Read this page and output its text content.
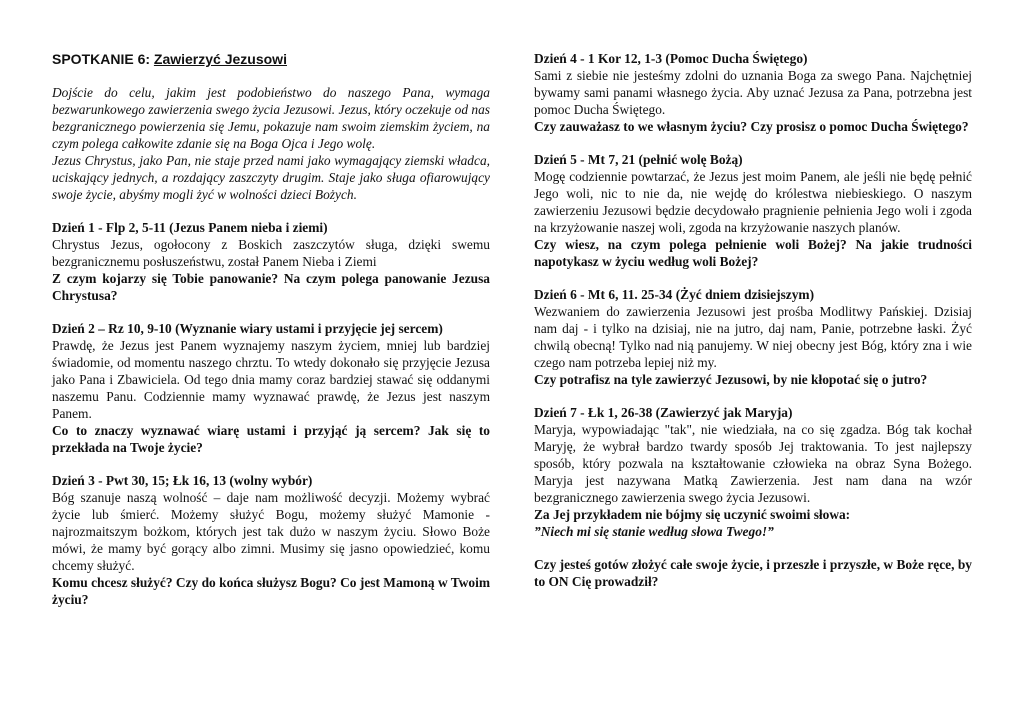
SPOTKANIE 6: Zawierzyć Jezusowi

Dojście do celu, jakim jest podobieństwo do naszego Pana, wymaga bezwarunkowego zawierzenia swego życia Jezusowi. Jezus, który oczekuje od nas bezgranicznego powierzenia się Jemu, pokazuje nam swoim ziemskim życiem, na czym polega całkowite zdanie się na Boga Ojca i Jego wolę.

Jezus Chrystus, jako Pan, nie staje przed nami jako wymagający ziemski władca, uciskający jednych, a rozdający zaszczyty drugim. Staje jako sługa ofiarowujący swoje życie, abyśmy mogli żyć w wolności dzieci Bożych.

Dzień 1 - Flp 2, 5-11 (Jezus Panem nieba i ziemi)

Chrystus Jezus, ogołocony z Boskich zaszczytów sługa, dzięki swemu bezgranicznemu posłuszeństwu, został Panem Nieba i Ziemi

Z czym kojarzy się Tobie panowanie? Na czym polega panowanie Jezusa Chrystusa?

Dzień 2 – Rz 10, 9-10 (Wyznanie wiary ustami i przyjęcie jej sercem)

Prawdę, że Jezus jest Panem wyznajemy naszym życiem, mniej lub bardziej świadomie, od momentu naszego chrztu. To wtedy dokonało się przyjęcie Jezusa jako Pana i Zbawiciela. Od tego dnia mamy coraz bardziej stawać się oddanymi naszemu Panu. Codziennie mamy wyznawać prawdę, że Jezus jest naszym Panem.

Co to znaczy wyznawać wiarę ustami i przyjąć ją sercem? Jak się to przekłada na Twoje życie?

Dzień 3 - Pwt 30, 15; Łk 16, 13 (wolny wybór)

Bóg szanuje naszą wolność – daje nam możliwość decyzji. Możemy wybrać życie lub śmierć. Możemy służyć Bogu, możemy służyć Mamonie - najrozmaitszym bożkom, których jest tak dużo w naszym życiu. Słowo Boże mówi, że mamy być gorący albo zimni. Musimy się jasno opowiedzieć, komu chcemy służyć.

Komu chcesz służyć? Czy do końca służysz Bogu? Co jest Mamoną w Twoim życiu?

Dzień 4 - 1 Kor 12, 1-3 (Pomoc Ducha Świętego)

Sami z siebie nie jesteśmy zdolni do uznania Boga za swego Pana. Najchętniej bywamy sami panami własnego życia. Aby uznać Jezusa za Pana, potrzebna jest pomoc Ducha Świętego.

Czy zauważasz to we własnym życiu? Czy prosisz o pomoc Ducha Świętego?

Dzień 5 - Mt 7, 21 (pełnić wolę Bożą)

Mogę codziennie powtarzać, że Jezus jest moim Panem, ale jeśli nie będę pełnić Jego woli, nic to nie da, nie wejdę do królestwa niebieskiego. O naszym zawierzeniu Jezusowi będzie decydowało pragnienie pełnienia Jego woli i zgoda na krzyżowanie naszej woli, zgoda na krzyżowanie naszych planów.

Czy wiesz, na czym polega pełnienie woli Bożej? Na jakie trudności napotykasz w życiu według woli Bożej?

Dzień 6 - Mt 6, 11. 25-34 (Żyć dniem dzisiejszym)

Wezwaniem do zawierzenia Jezusowi jest prośba Modlitwy Pańskiej. Dzisiaj nam daj - i tylko na dzisiaj, nie na jutro, daj nam, Panie, potrzebne łaski. Żyć chwilą obecną! Tylko nad nią panujemy. W niej obecny jest Bóg, który zna i wie czego nam potrzeba lepiej niż my.

Czy potrafisz na tyle zawierzyć Jezusowi, by nie kłopotać się o jutro?

Dzień 7 - Łk 1, 26-38 (Zawierzyć jak Maryja)

Maryja, wypowiadając "tak", nie wiedziała, na co się zgadza. Bóg tak kochał Maryję, że wybrał bardzo twardy sposób Jej traktowania. To jest najlepszy sposób, który pozwala na kształtowanie człowieka na obraz Syna Bożego. Maryja jest nazywana Matką Zawierzenia. Jest nam dana na wzór bezgranicznego zawierzenia swego życia Jezusowi.

Za Jej przykładem nie bójmy się uczynić swoimi słowa:

”Niech mi się stanie według słowa Twego!”

Czy jesteś gotów złożyć całe swoje życie, i przeszłe i przyszłe, w Boże ręce, by to ON Cię prowadził?
